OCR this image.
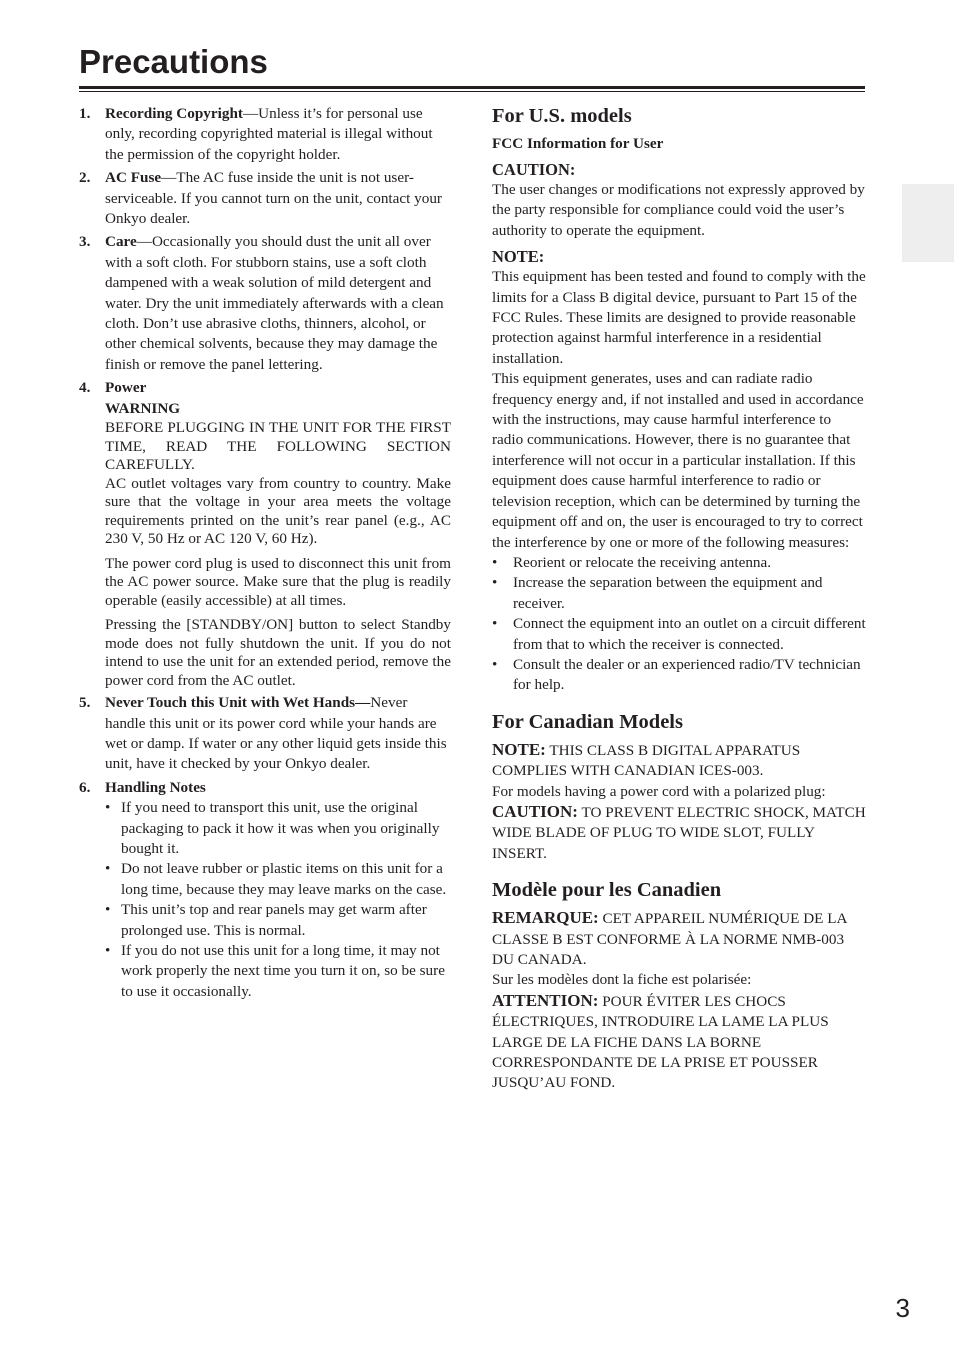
Precautions
1. Recording Copyright—Unless it’s for personal use only, recording copyrighted material is illegal without the permission of the copyright holder.
2. AC Fuse—The AC fuse inside the unit is not user-serviceable. If you cannot turn on the unit, contact your Onkyo dealer.
3. Care—Occasionally you should dust the unit all over with a soft cloth. For stubborn stains, use a soft cloth dampened with a weak solution of mild detergent and water. Dry the unit immediately afterwards with a clean cloth. Don’t use abrasive cloths, thinners, alcohol, or other chemical solvents, because they may damage the finish or remove the panel lettering.
4. Power
WARNING
BEFORE PLUGGING IN THE UNIT FOR THE FIRST TIME, READ THE FOLLOWING SECTION CAREFULLY.
AC outlet voltages vary from country to country. Make sure that the voltage in your area meets the voltage requirements printed on the unit’s rear panel (e.g., AC 230 V, 50 Hz or AC 120 V, 60 Hz).
The power cord plug is used to disconnect this unit from the AC power source. Make sure that the plug is readily operable (easily accessible) at all times.
Pressing the [STANDBY/ON] button to select Standby mode does not fully shutdown the unit. If you do not intend to use the unit for an extended period, remove the power cord from the AC outlet.
5. Never Touch this Unit with Wet Hands—Never handle this unit or its power cord while your hands are wet or damp. If water or any other liquid gets inside this unit, have it checked by your Onkyo dealer.
6. Handling Notes
• If you need to transport this unit, use the original packaging to pack it how it was when you originally bought it.
• Do not leave rubber or plastic items on this unit for a long time, because they may leave marks on the case.
• This unit’s top and rear panels may get warm after prolonged use. This is normal.
• If you do not use this unit for a long time, it may not work properly the next time you turn it on, so be sure to use it occasionally.
For U.S. models
FCC Information for User
CAUTION:
The user changes or modifications not expressly approved by the party responsible for compliance could void the user’s authority to operate the equipment.
NOTE:
This equipment has been tested and found to comply with the limits for a Class B digital device, pursuant to Part 15 of the FCC Rules. These limits are designed to provide reasonable protection against harmful interference in a residential installation.
This equipment generates, uses and can radiate radio frequency energy and, if not installed and used in accordance with the instructions, may cause harmful interference to radio communications. However, there is no guarantee that interference will not occur in a particular installation. If this equipment does cause harmful interference to radio or television reception, which can be determined by turning the equipment off and on, the user is encouraged to try to correct the interference by one or more of the following measures:
• Reorient or relocate the receiving antenna.
• Increase the separation between the equipment and receiver.
• Connect the equipment into an outlet on a circuit different from that to which the receiver is connected.
• Consult the dealer or an experienced radio/TV technician for help.
For Canadian Models
NOTE: THIS CLASS B DIGITAL APPARATUS COMPLIES WITH CANADIAN ICES-003.
For models having a power cord with a polarized plug:
CAUTION: TO PREVENT ELECTRIC SHOCK, MATCH WIDE BLADE OF PLUG TO WIDE SLOT, FULLY INSERT.
Modèle pour les Canadien
REMARQUE: CET APPAREIL NUMÉRIQUE DE LA CLASSE B EST CONFORME À LA NORME NMB-003 DU CANADA.
Sur les modèles dont la fiche est polarisée:
ATTENTION: POUR ÉVITER LES CHOCS ÉLECTRIQUES, INTRODUIRE LA LAME LA PLUS LARGE DE LA FICHE DANS LA BORNE CORRESPONDANTE DE LA PRISE ET POUSSER JUSQU’AU FOND.
3
